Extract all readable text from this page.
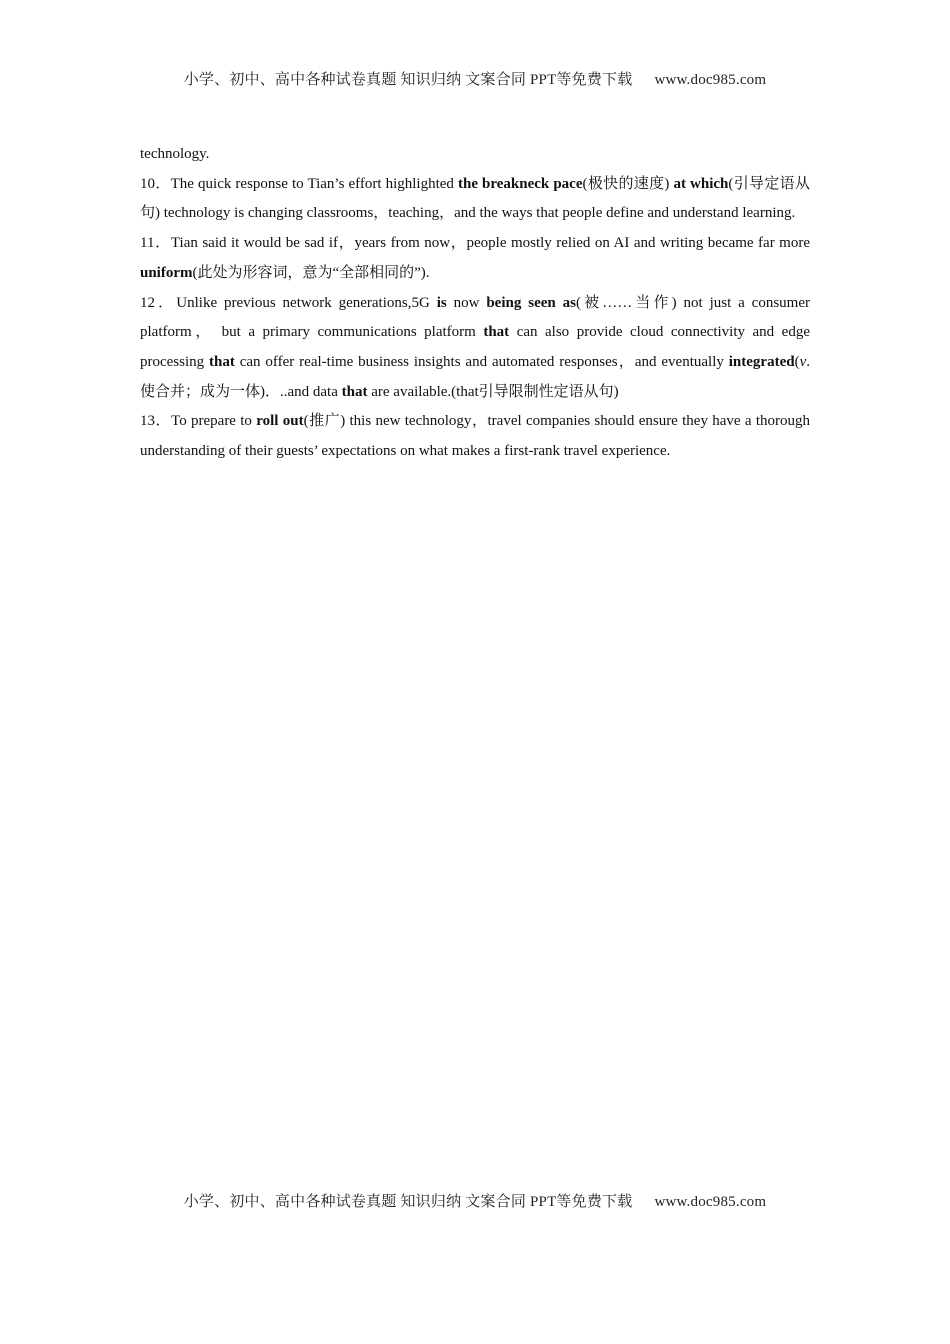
小学、初中、高中各种试卷真题 知识归纳 文案合同 PPT等免费下载 www.doc985.com

technology.

10．The quick response to Tian’s effort highlighted the breakneck pace(极快的速度) at which(引导定语从句) technology is changing classrooms，teaching，and the ways that people define and understand learning.

11．Tian said it would be sad if，years from now，people mostly relied on AI and writing became far more uniform(此处为形容词，意为“全部相同的”).

12．Unlike previous network generations,5G is now being seen as(被……当作) not just a consumer platform， but a primary communications platform that can also provide cloud connectivity and edge processing that can offer real-time business insights and automated responses，and eventually integrated(v.使合并；成为一体)．..and data that are available.(that引导限制性定语从句)

13．To prepare to roll out(推广) this new technology，travel companies should ensure they have a thorough understanding of their guests’ expectations on what makes a first-rank travel experience.

小学、初中、高中各种试卷真题 知识归纳 文案合同 PPT等免费下载 www.doc985.com
